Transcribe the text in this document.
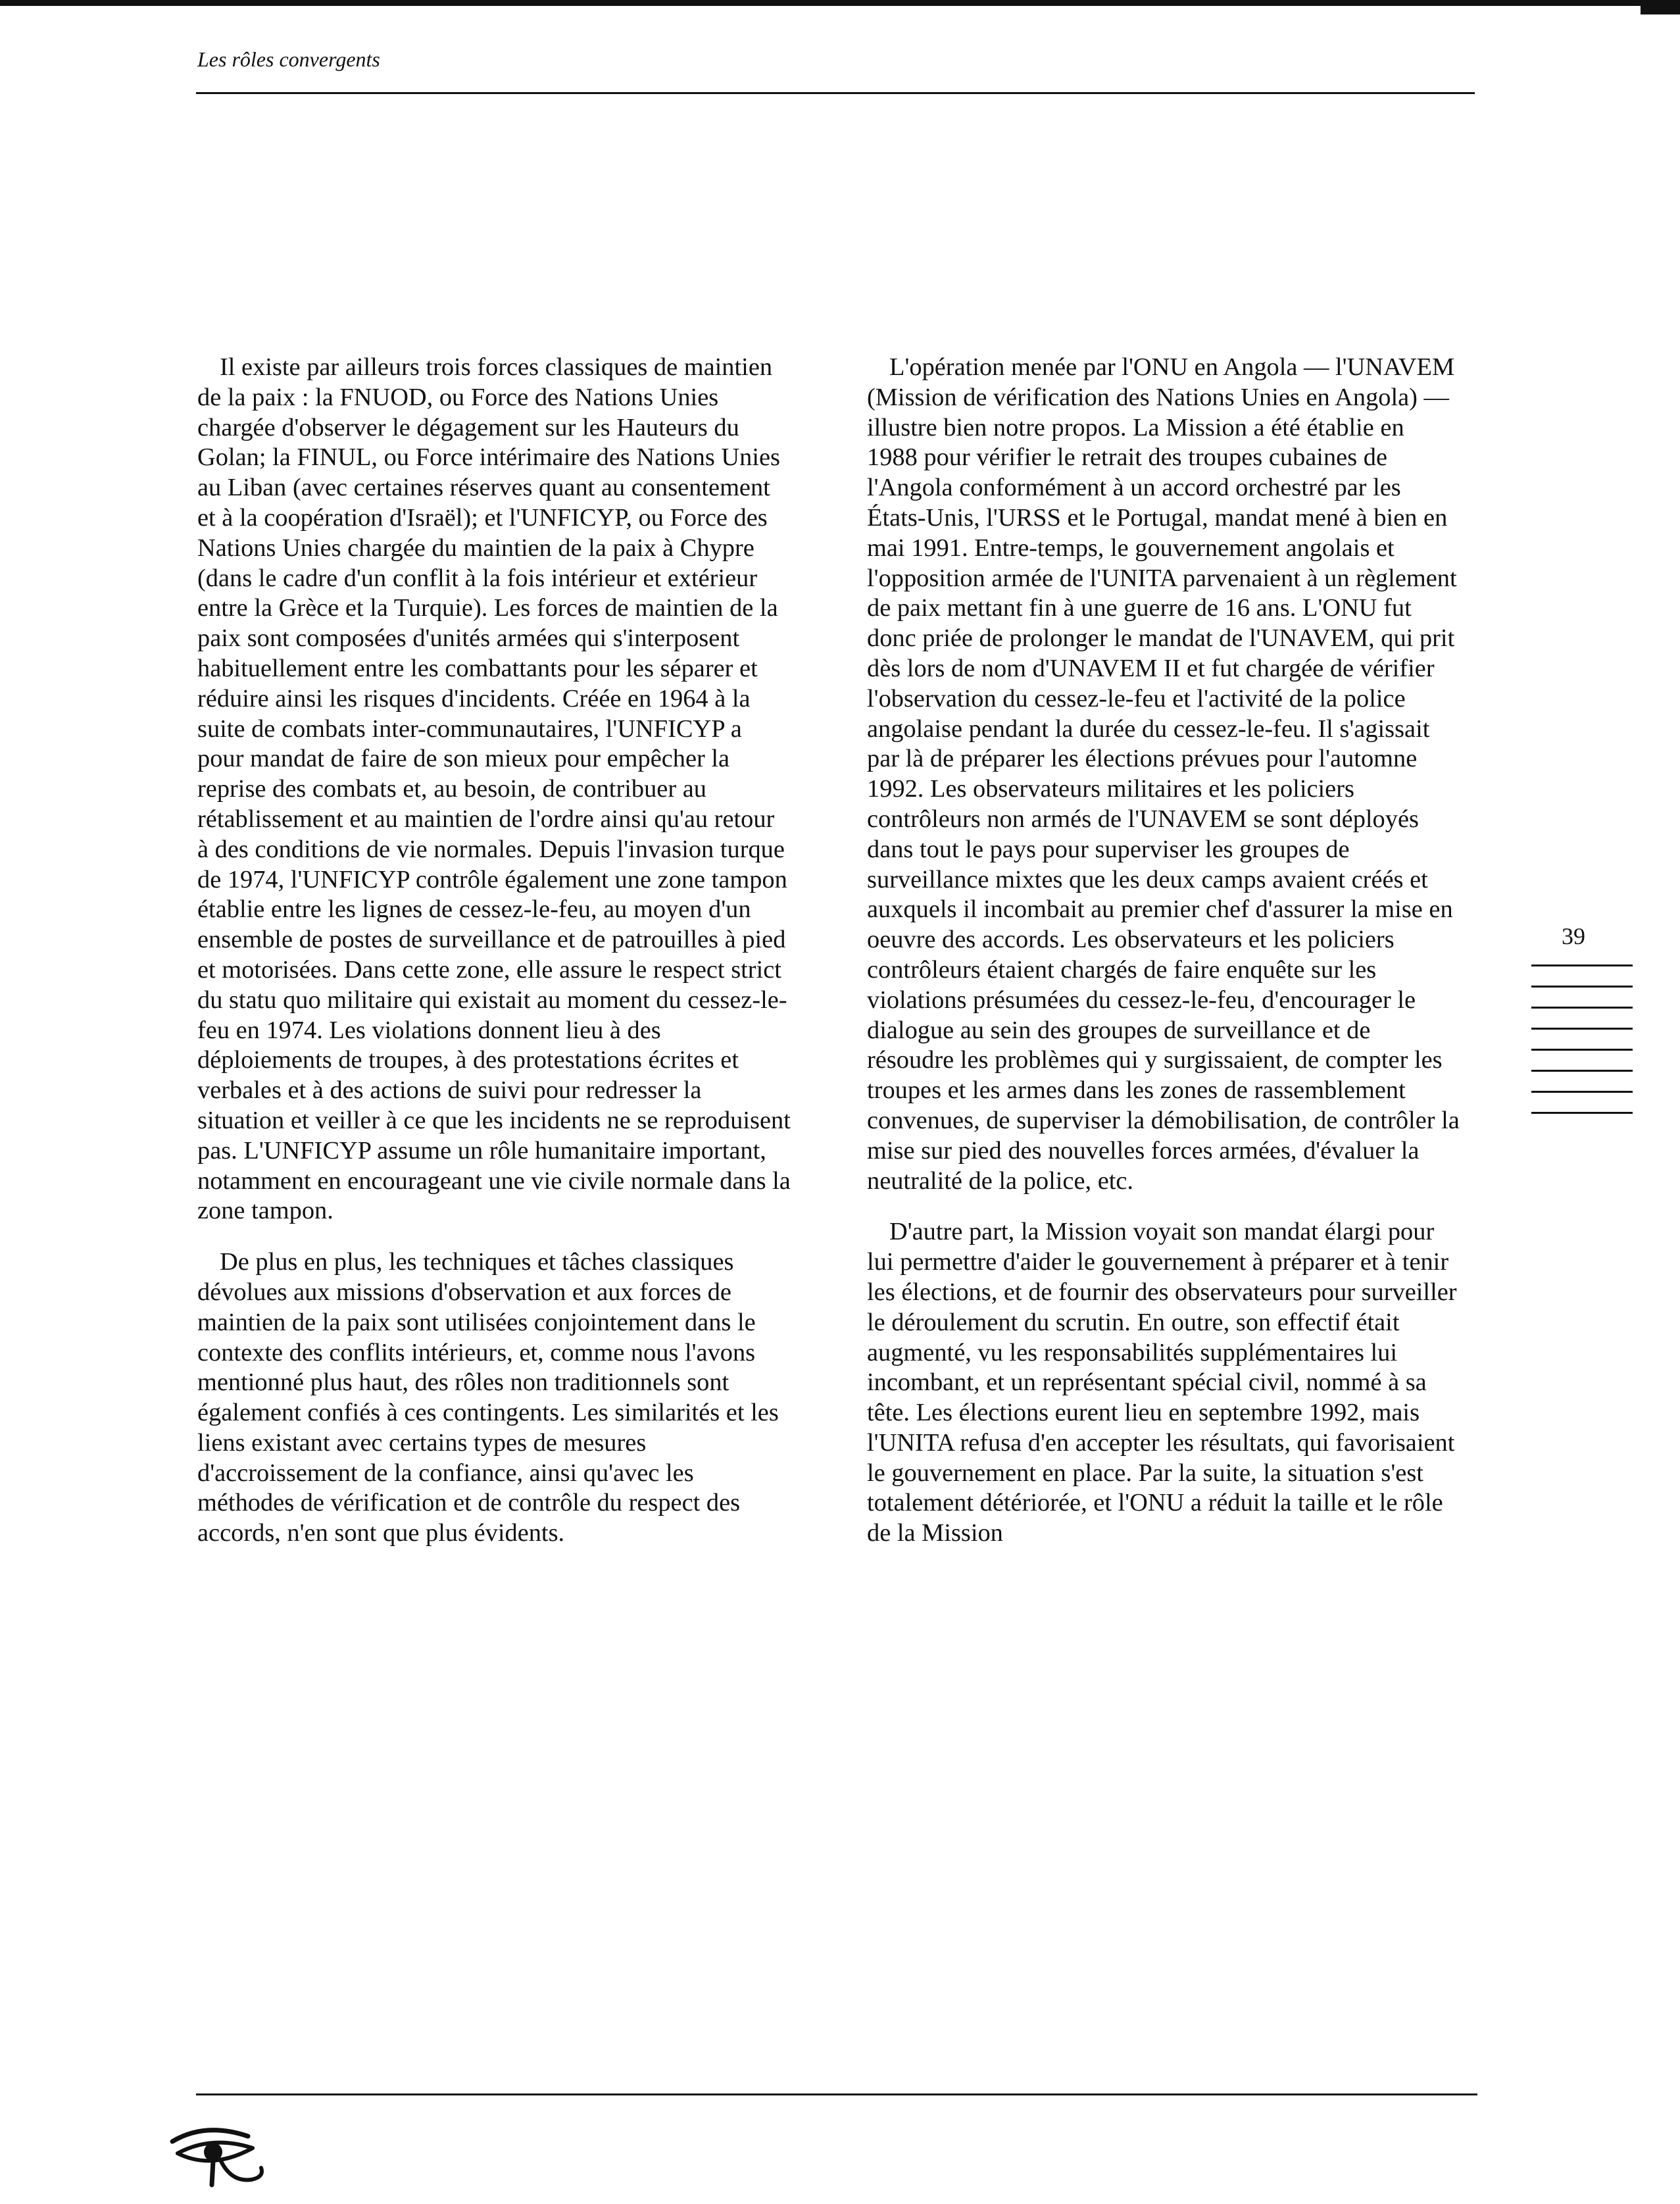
Les rôles convergents

Il existe par ailleurs trois forces classiques de maintien de la paix : la FNUOD, ou Force des Nations Unies chargée d'observer le dégagement sur les Hauteurs du Golan; la FINUL, ou Force intérimaire des Nations Unies au Liban (avec certaines réserves quant au consentement et à la coopération d'Israël); et l'UNFICYP, ou Force des Nations Unies chargée du maintien de la paix à Chypre (dans le cadre d'un conflit à la fois intérieur et extérieur entre la Grèce et la Turquie). Les forces de maintien de la paix sont composées d'unités armées qui s'interposent habituellement entre les combattants pour les séparer et réduire ainsi les risques d'incidents. Créée en 1964 à la suite de combats inter-communautaires, l'UNFICYP a pour mandat de faire de son mieux pour empêcher la reprise des combats et, au besoin, de contribuer au rétablissement et au maintien de l'ordre ainsi qu'au retour à des conditions de vie normales. Depuis l'invasion turque de 1974, l'UNFICYP contrôle également une zone tampon établie entre les lignes de cessez-le-feu, au moyen d'un ensemble de postes de surveillance et de patrouilles à pied et motorisées. Dans cette zone, elle assure le respect strict du statu quo militaire qui existait au moment du cessez-le-feu en 1974. Les violations donnent lieu à des déploiements de troupes, à des protestations écrites et verbales et à des actions de suivi pour redresser la situation et veiller à ce que les incidents ne se reproduisent pas. L'UNFICYP assume un rôle humanitaire important, notamment en encourageant une vie civile normale dans la zone tampon.

De plus en plus, les techniques et tâches classiques dévolues aux missions d'observation et aux forces de maintien de la paix sont utilisées conjointement dans le contexte des conflits intérieurs, et, comme nous l'avons mentionné plus haut, des rôles non traditionnels sont également confiés à ces contingents. Les similarités et les liens existant avec certains types de mesures d'accroissement de la confiance, ainsi qu'avec les méthodes de vérification et de contrôle du respect des accords, n'en sont que plus évidents.

L'opération menée par l'ONU en Angola — l'UNAVEM (Mission de vérification des Nations Unies en Angola) — illustre bien notre propos. La Mission a été établie en 1988 pour vérifier le retrait des troupes cubaines de l'Angola conformément à un accord orchestré par les États-Unis, l'URSS et le Portugal, mandat mené à bien en mai 1991. Entre-temps, le gouvernement angolais et l'opposition armée de l'UNITA parvenaient à un règlement de paix mettant fin à une guerre de 16 ans. L'ONU fut donc priée de prolonger le mandat de l'UNAVEM, qui prit dès lors de nom d'UNAVEM II et fut chargée de vérifier l'observation du cessez-le-feu et l'activité de la police angolaise pendant la durée du cessez-le-feu. Il s'agissait par là de préparer les élections prévues pour l'automne 1992. Les observateurs militaires et les policiers contrôleurs non armés de l'UNAVEM se sont déployés dans tout le pays pour superviser les groupes de surveillance mixtes que les deux camps avaient créés et auxquels il incombait au premier chef d'assurer la mise en oeuvre des accords. Les observateurs et les policiers contrôleurs étaient chargés de faire enquête sur les violations présumées du cessez-le-feu, d'encourager le dialogue au sein des groupes de surveillance et de résoudre les problèmes qui y surgissaient, de compter les troupes et les armes dans les zones de rassemblement convenues, de superviser la démobilisation, de contrôler la mise sur pied des nouvelles forces armées, d'évaluer la neutralité de la police, etc.

D'autre part, la Mission voyait son mandat élargi pour lui permettre d'aider le gouvernement à préparer et à tenir les élections, et de fournir des observateurs pour surveiller le déroulement du scrutin. En outre, son effectif était augmenté, vu les responsabilités supplémentaires lui incombant, et un représentant spécial civil, nommé à sa tête. Les élections eurent lieu en septembre 1992, mais l'UNITA refusa d'en accepter les résultats, qui favorisaient le gouvernement en place. Par la suite, la situation s'est totalement détériorée, et l'ONU a réduit la taille et le rôle de la Mission

39
